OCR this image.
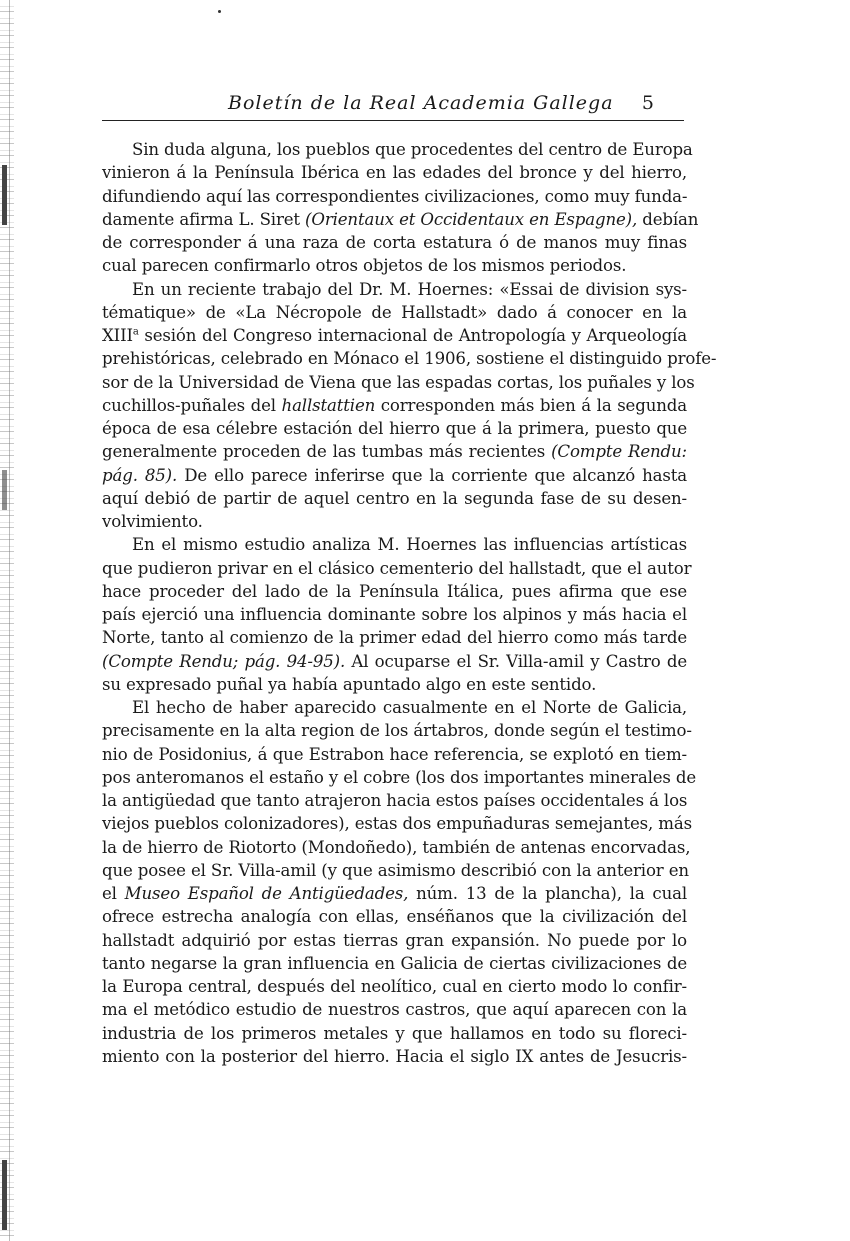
Boletín de la Real Academia Gallega 5
Sin duda alguna, los pueblos que procedentes del centro de Europa
vinieron á la Península Ibérica en las edades del bronce y del hierro,
difundiendo aquí las correspondientes civilizaciones, como muy funda-
damente afirma L. Siret (Orientaux et Occidentaux en Espagne), debían
de corresponder á una raza de corta estatura ó de manos muy finas
cual parecen confirmarlo otros objetos de los mismos periodos.
En un reciente trabajo del Dr. M. Hoernes: «Essai de division sys-
tématique» de «La Nécropole de Hallstadt» dado á conocer en la
XIII$^a$ sesión del Congreso internacional de Antropología y Arqueología
prehistóricas, celebrado en Mónaco el 1906, sostiene el distinguido profe-
sor de la Universidad de Viena que las espadas cortas, los puñales y los
cuchillos-puñales del hallstattien corresponden más bien á la segunda
época de esa célebre estación del hierro que á la primera, puesto que
generalmente proceden de las tumbas más recientes (Compte Rendu:
pág. 85). De ello parece inferirse que la corriente que alcanzó hasta
aquí debió de partir de aquel centro en la segunda fase de su desen-
volvimiento.
En el mismo estudio analiza M. Hoernes las influencias artísticas
que pudieron privar en el clásico cementerio del hallstadt, que el autor
hace proceder del lado de la Península Itálica, pues afirma que ese
país ejerció una influencia dominante sobre los alpinos y más hacia el
Norte, tanto al comienzo de la primer edad del hierro como más tarde
(Compte Rendu; pág. 94-95). Al ocuparse el Sr. Villa-amil y Castro de
su expresado puñal ya había apuntado algo en este sentido.
El hecho de haber aparecido casualmente en el Norte de Galicia,
precisamente en la alta region de los ártabros, donde según el testimo-
nio de Posidonius, á que Estrabon hace referencia, se explotó en tiem-
pos anteromanos el estaño y el cobre (los dos importantes minerales de
la antigüedad que tanto atrajeron hacia estos países occidentales á los
viejos pueblos colonizadores), estas dos empuñaduras semejantes, más
la de hierro de Riotorto (Mondoñedo), también de antenas encorvadas,
que posee el Sr. Villa-amil (y que asimismo describió con la anterior en
el Museo Español de Antigüedades, núm. 13 de la plancha), la cual
ofrece estrecha analogía con ellas, enséñanos que la civilización del
hallstadt adquirió por estas tierras gran expansión. No puede por lo
tanto negarse la gran influencia en Galicia de ciertas civilizaciones de
la Europa central, después del neolítico, cual en cierto modo lo confir-
ma el metódico estudio de nuestros castros, que aquí aparecen con la
industria de los primeros metales y que hallamos en todo su floreci-
miento con la posterior del hierro. Hacia el siglo IX antes de Jesucris-
